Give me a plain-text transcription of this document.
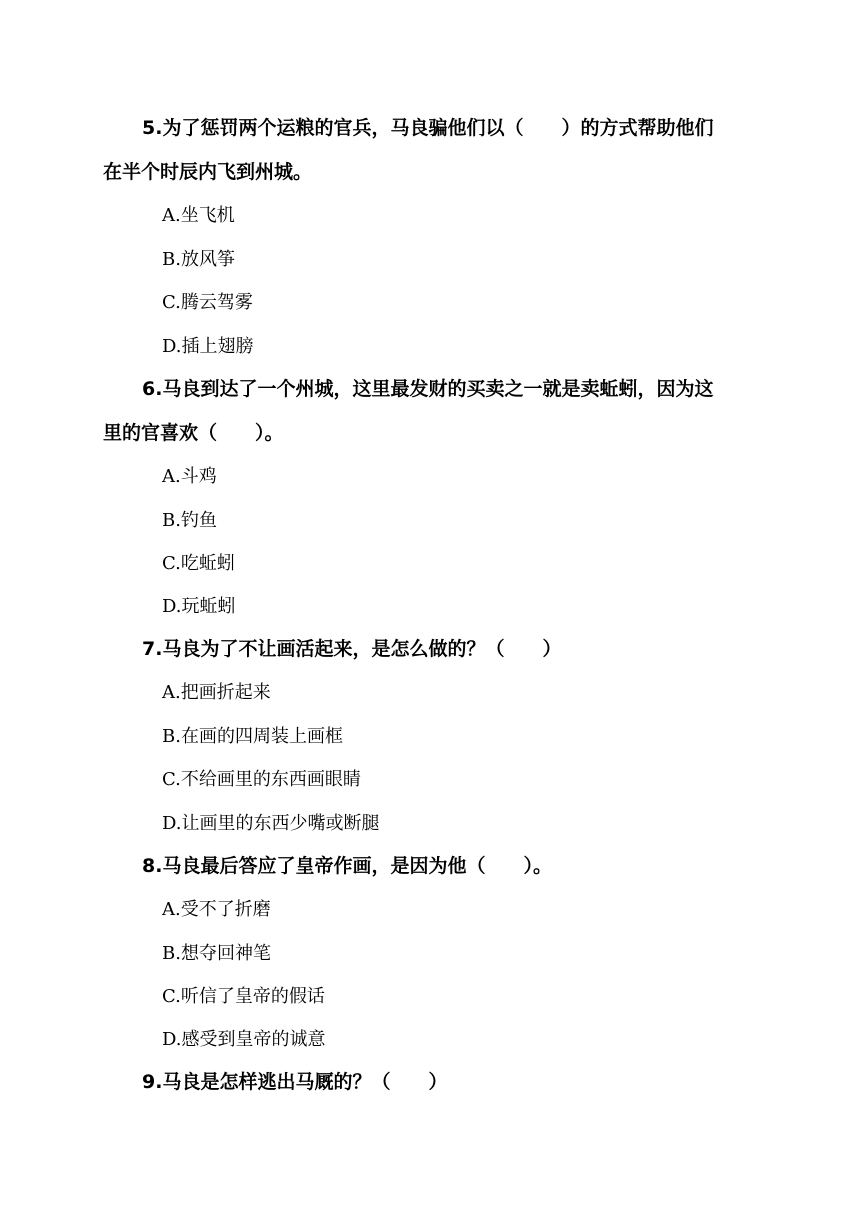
5.为了惩罚两个运粮的官兵，马良骗他们以（　　）的方式帮助他们
在半个时辰内飞到州城。
A.坐飞机
B.放风筝
C.腾云驾雾
D.插上翅膀
6.马良到达了一个州城，这里最发财的买卖之一就是卖蚯蚓，因为这
里的官喜欢（　　）。
A.斗鸡
B.钓鱼
C.吃蚯蚓
D.玩蚯蚓
7.马良为了不让画活起来，是怎么做的？（　　）
A.把画折起来
B.在画的四周装上画框
C.不给画里的东西画眼睛
D.让画里的东西少嘴或断腿
8.马良最后答应了皇帝作画，是因为他（　　）。
A.受不了折磨
B.想夺回神笔
C.听信了皇帝的假话
D.感受到皇帝的诚意
9.马良是怎样逃出马厩的？（　　）
